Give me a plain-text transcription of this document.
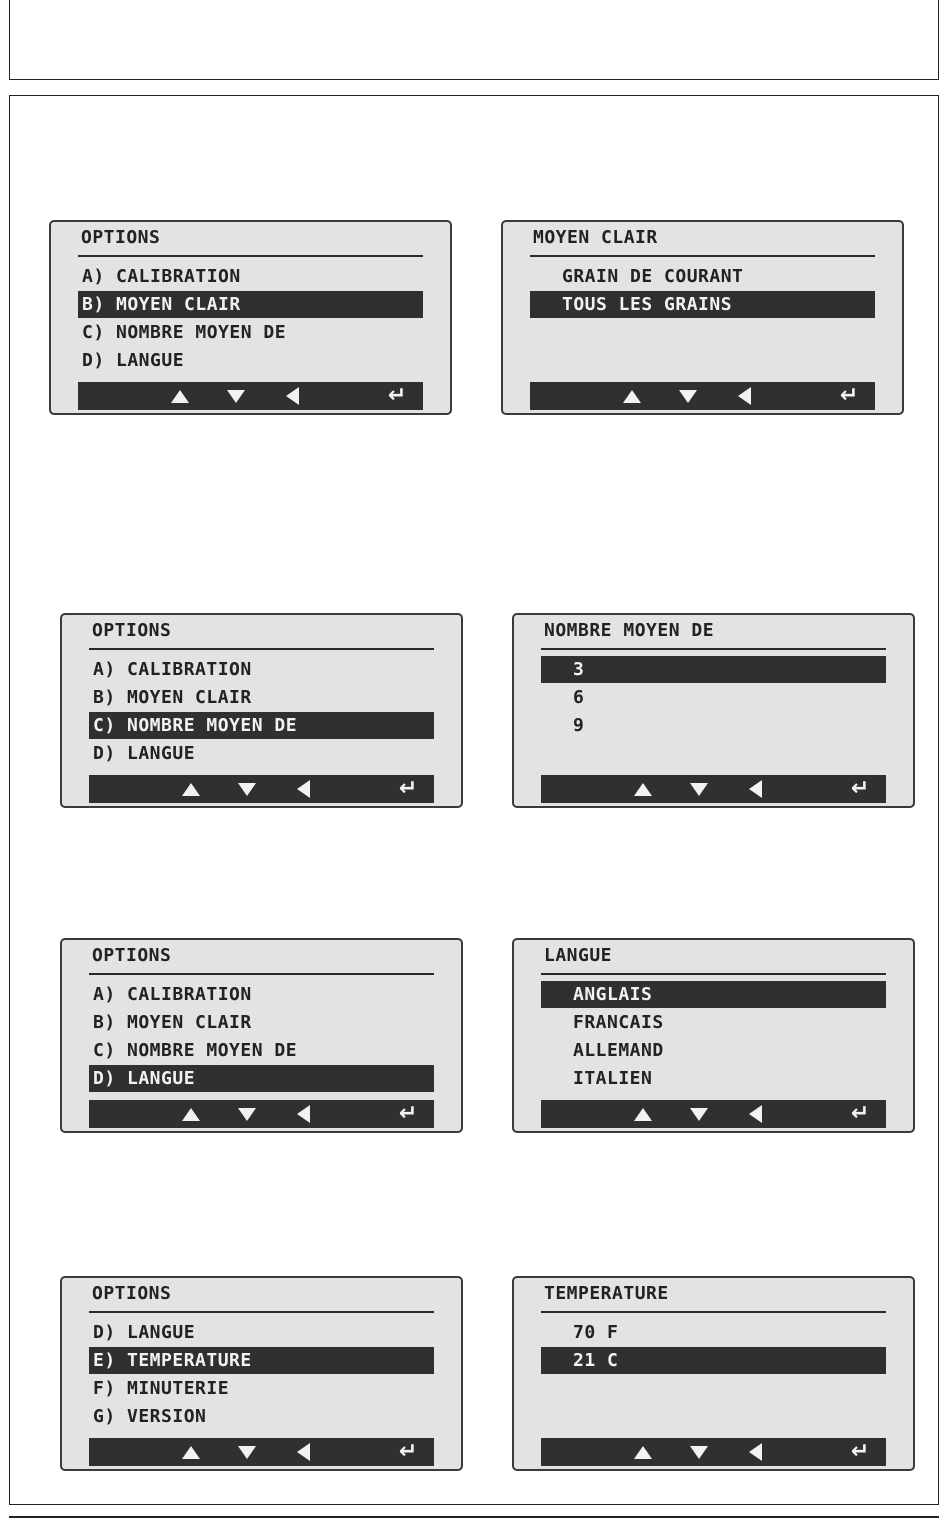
OPTIONS
A) CALIBRATION
B) MOYEN CLAIR
C) NOMBRE MOYEN DE
D) LANGUE
↵
MOYEN CLAIR
GRAIN DE COURANT
TOUS LES GRAINS
↵
OPTIONS
A) CALIBRATION
B) MOYEN CLAIR
C) NOMBRE MOYEN DE
D) LANGUE
↵
NOMBRE MOYEN DE
3
6
9
↵
OPTIONS
A) CALIBRATION
B) MOYEN CLAIR
C) NOMBRE MOYEN DE
D) LANGUE
↵
LANGUE
ANGLAIS
FRANCAIS
ALLEMAND
ITALIEN
↵
OPTIONS
D) LANGUE
E) TEMPERATURE
F) MINUTERIE
G) VERSION
↵
TEMPERATURE
70 F
21 C
↵
